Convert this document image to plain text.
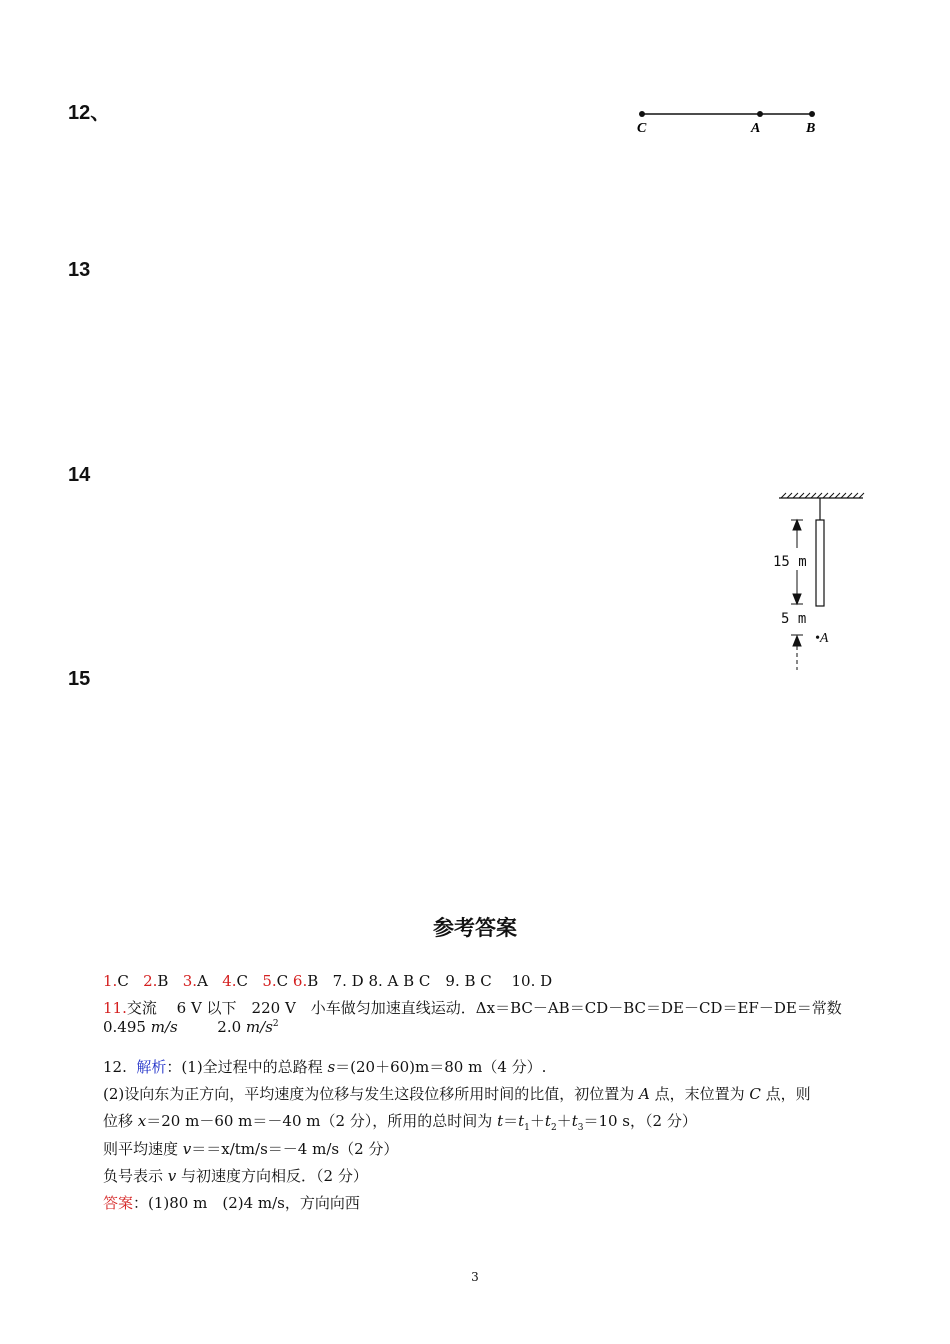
12、
13
14
15
C	A	B
15 m
5 m
•A
参考答案
1.C 2.B 3.A 4.C 5.C 6.B 7. D 8. A B C　9. B C　 10. D
11.交流　 6 V 以下　220 V　小车做匀加速直线运动．Δx＝BC－AB＝CD－BC＝DE－CD＝EF－DE＝常数
0.495 m/s	2.0 $m/s^2$
12. 解析：(1)全过程中的总路程 s＝(20＋60)m＝80 m（4 分）.
(2)设向东为正方向，平均速度为位移与发生这段位移所用时间的比值，初位置为 A 点，末位置为 C 点，则
位移 x＝20 m－60 m＝－40 m（2 分），所用的总时间为 $t=t_1+t_2+t_3=10$ s，（2 分）
则平均速度 v＝＝x/tm/s＝－4 m/s（2 分）
负号表示 v 与初速度方向相反．（2 分）
答案：(1)80 m　(2)4 m/s，方向向西
3
